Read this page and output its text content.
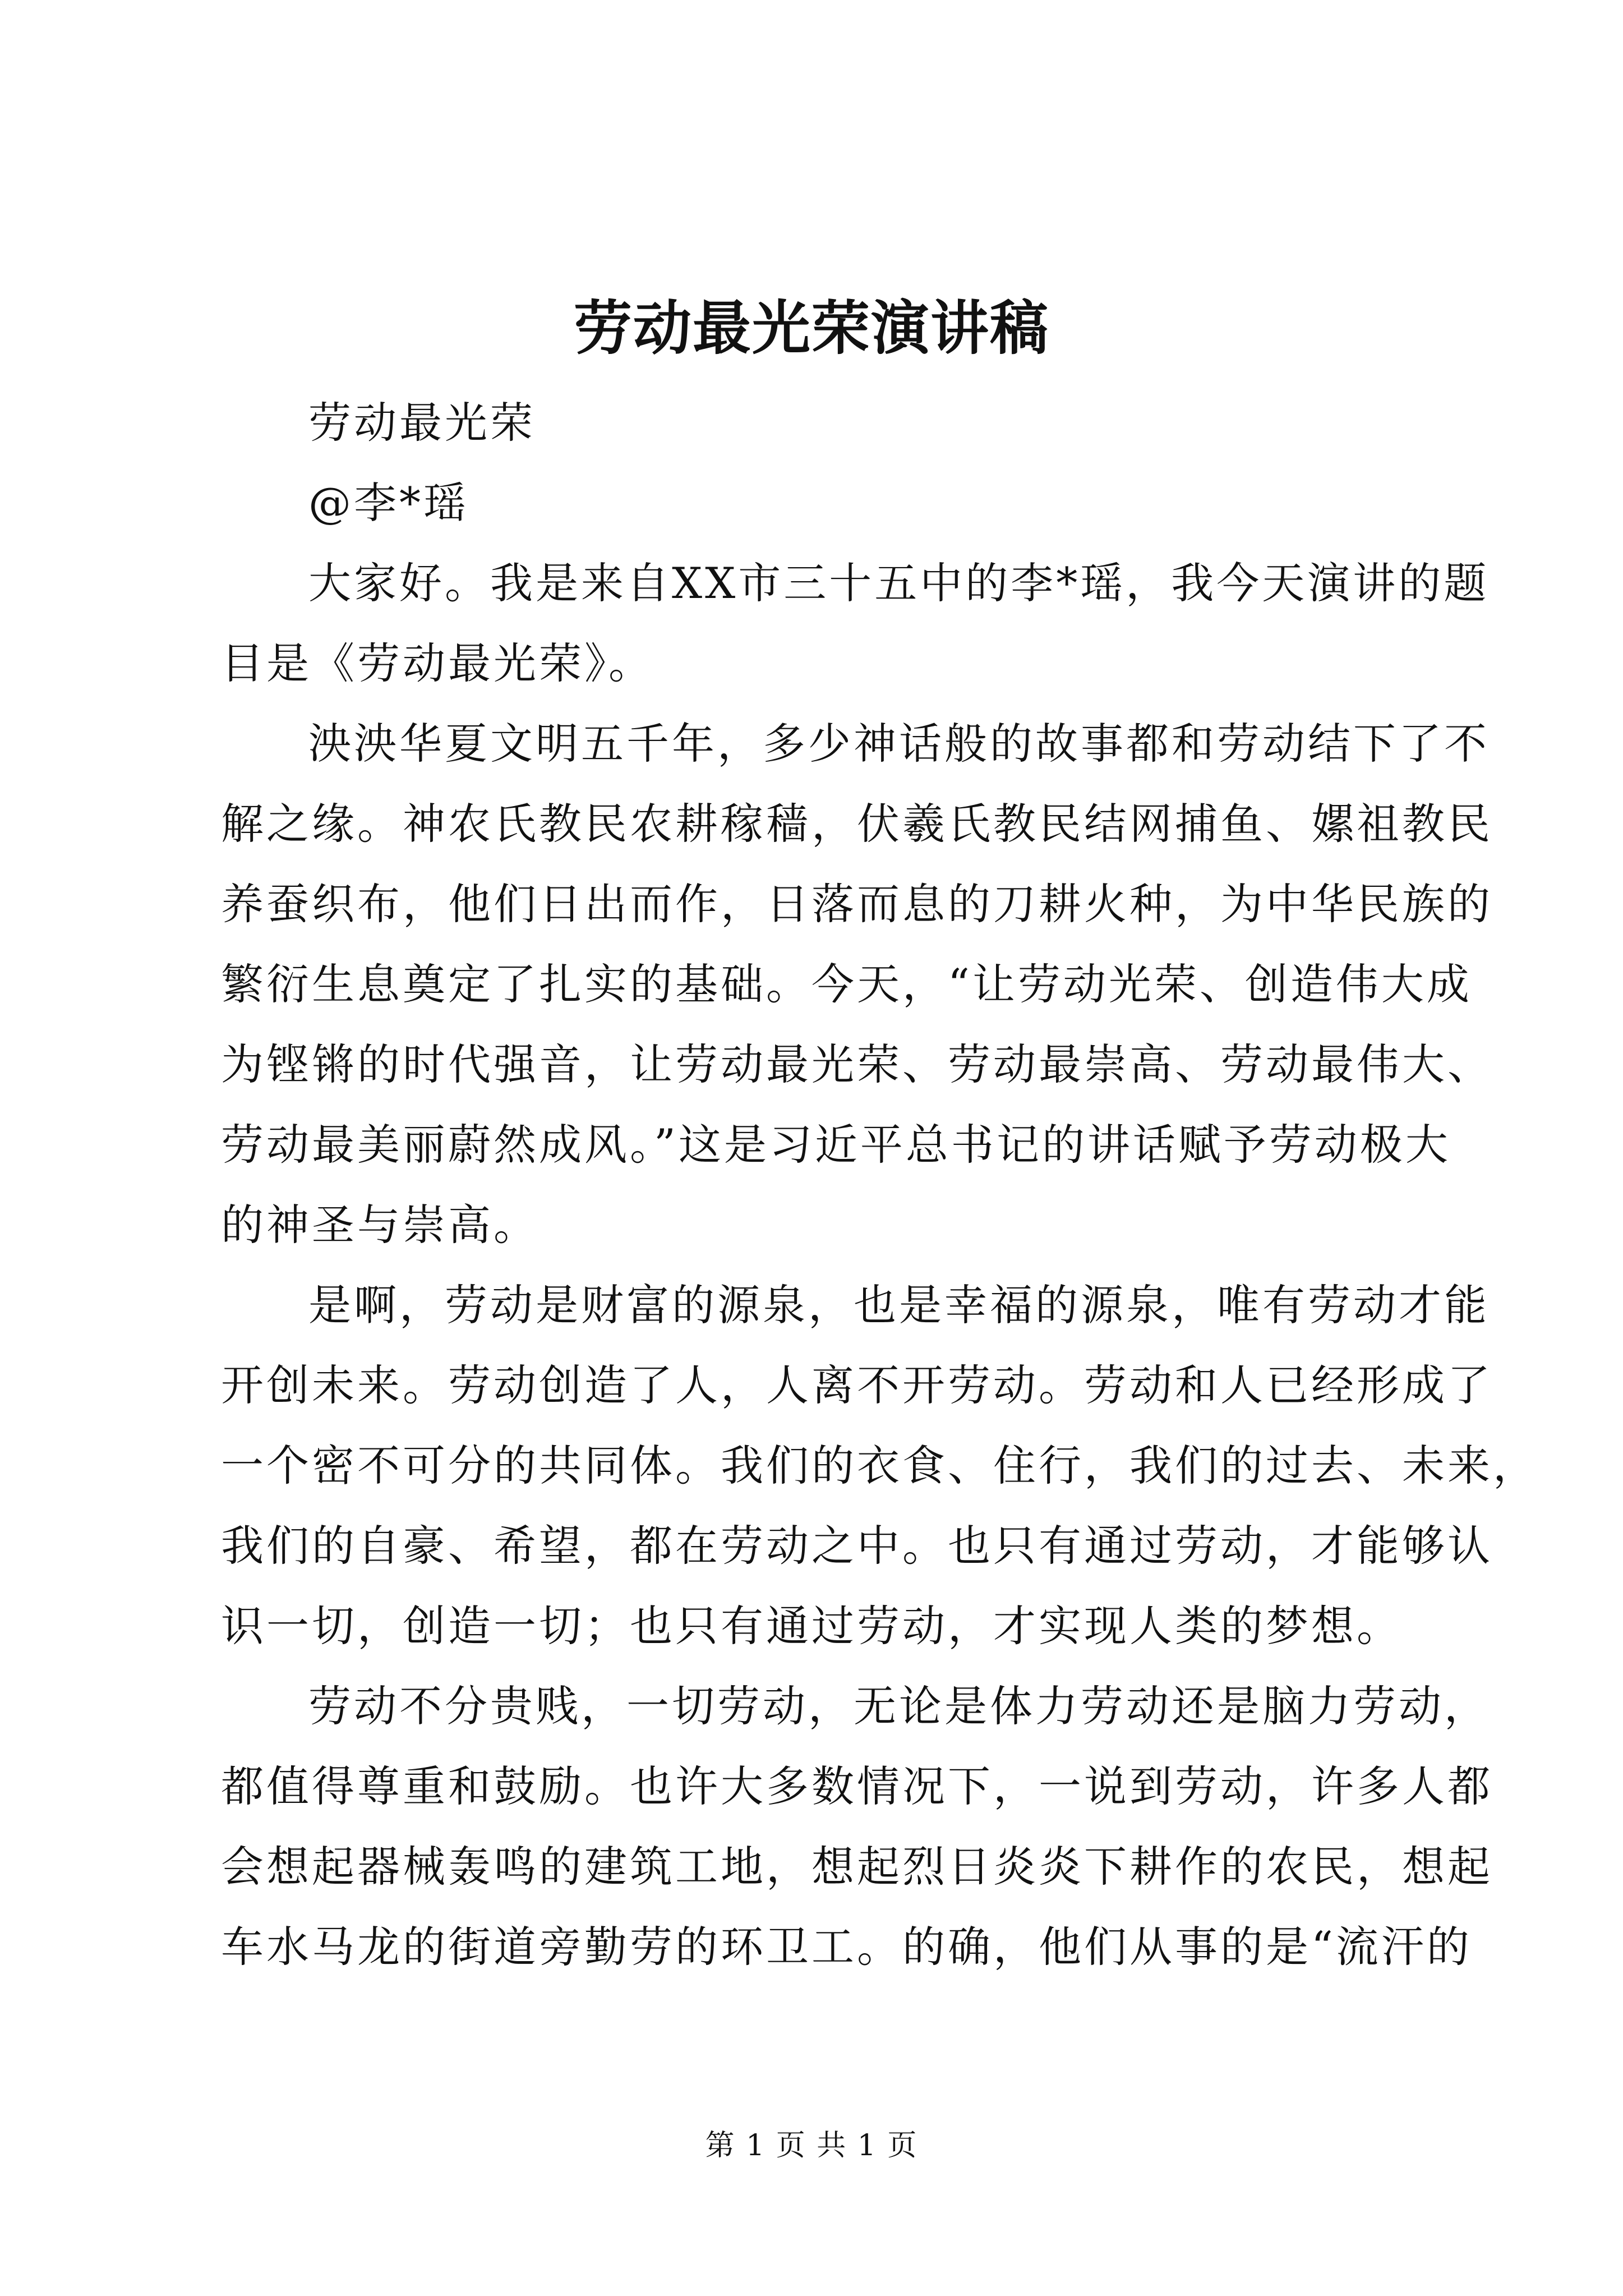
劳动最光荣演讲稿
劳动最光荣
@李*瑶
大家好。我是来自XX市三十五中的李*瑶，我今天演讲的题
目是《劳动最光荣》。
泱泱华夏文明五千年，多少神话般的故事都和劳动结下了不
解之缘。神农氏教民农耕稼穑，伏羲氏教民结网捕鱼、嫘祖教民
养蚕织布，他们日出而作，日落而息的刀耕火种，为中华民族的
繁衍生息奠定了扎实的基础。今天，“让劳动光荣、创造伟大成
为铿锵的时代强音，让劳动最光荣、劳动最崇高、劳动最伟大、
劳动最美丽蔚然成风。”这是习近平总书记的讲话赋予劳动极大
的神圣与崇高。
是啊，劳动是财富的源泉，也是幸福的源泉，唯有劳动才能
开创未来。劳动创造了人，人离不开劳动。劳动和人已经形成了
一个密不可分的共同体。我们的衣食、住行，我们的过去、未来，
我们的自豪、希望，都在劳动之中。也只有通过劳动，才能够认
识一切，创造一切；也只有通过劳动，才实现人类的梦想。
劳动不分贵贱，一切劳动，无论是体力劳动还是脑力劳动，
都值得尊重和鼓励。也许大多数情况下，一说到劳动，许多人都
会想起器械轰鸣的建筑工地，想起烈日炎炎下耕作的农民，想起
车水马龙的街道旁勤劳的环卫工。的确，他们从事的是“流汗的
第 1 页 共 1 页
